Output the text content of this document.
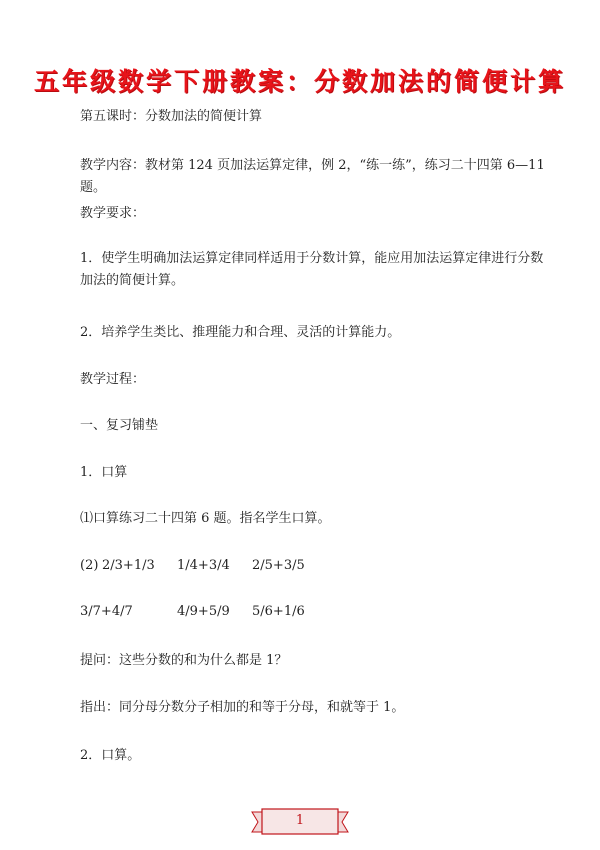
五年级数学下册教案：分数加法的简便计算
第五课时：分数加法的简便计算
教学内容：教材第 124 页加法运算定律，例 2，“练一练”，练习二十四第 6—11 题。
教学要求：
1．使学生明确加法运算定律同样适用于分数计算，能应用加法运算定律进行分数加法的简便计算。
2．培养学生类比、推理能力和合理、灵活的计算能力。
教学过程：
一、复习铺垫
1．口算
⑴口算练习二十四第 6 题。指名学生口算。
(2) 2/3+1/3 1/4+3/4 2/5+3/5
3/7+4/7	4/9+5/9 5/6+1/6
提问：这些分数的和为什么都是 1？
指出：同分母分数分子相加的和等于分母，和就等于 1。
2．口算。
1
